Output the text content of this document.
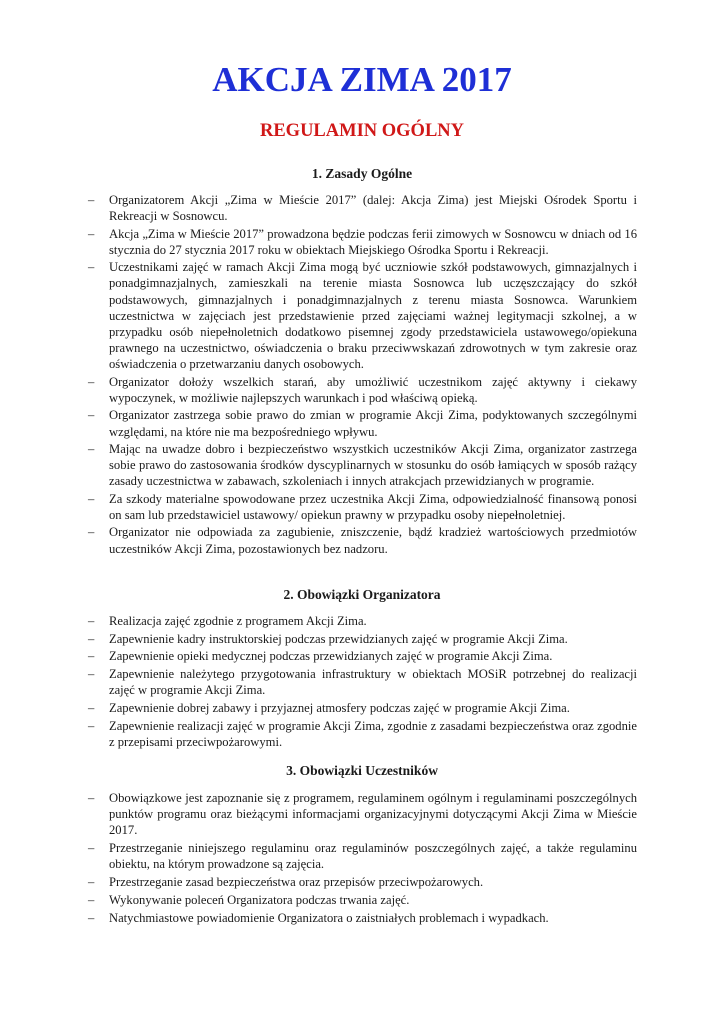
AKCJA ZIMA 2017
REGULAMIN OGÓLNY
1. Zasady Ogólne
– Organizatorem Akcji „Zima w Mieście 2017” (dalej: Akcja Zima) jest Miejski Ośrodek Sportu i Rekreacji w Sosnowcu.
– Akcja „Zima w Mieście 2017” prowadzona będzie podczas ferii zimowych w Sosnowcu w dniach od 16 stycznia do 27 stycznia 2017 roku w obiektach Miejskiego Ośrodka Sportu i Rekreacji.
– Uczestnikami zajęć w ramach Akcji Zima mogą być uczniowie szkół podstawowych, gimnazjalnych i ponadgimnazjalnych, zamieszkali na terenie miasta Sosnowca lub uczęszczający do szkół podstawowych, gimnazjalnych i ponadgimnazjalnych z terenu miasta Sosnowca. Warunkiem uczestnictwa w zajęciach jest przedstawienie przed zajęciami ważnej legitymacji szkolnej, a w przypadku osób niepełnoletnich dodatkowo pisemnej zgody przedstawiciela ustawowego/opiekuna prawnego na uczestnictwo, oświadczenia o braku przeciwwskazań zdrowotnych w tym zakresie oraz oświadczenia o przetwarzaniu danych osobowych.
– Organizator dołoży wszelkich starań, aby umożliwić uczestnikom zajęć aktywny i ciekawy wypoczynek, w możliwie najlepszych warunkach i pod właściwą opieką.
– Organizator zastrzega sobie prawo do zmian w programie Akcji Zima, podyktowanych szczególnymi względami, na które nie ma bezpośredniego wpływu.
– Mając na uwadze dobro i bezpieczeństwo wszystkich uczestników Akcji Zima, organizator zastrzega sobie prawo do zastosowania środków dyscyplinarnych w stosunku do osób łamiących w sposób rażący zasady uczestnictwa w zabawach, szkoleniach i innych atrakcjach przewidzianych w programie.
– Za szkody materialne spowodowane przez uczestnika Akcji Zima, odpowiedzialność finansową ponosi on sam lub przedstawiciel ustawowy/ opiekun prawny w przypadku osoby niepełnoletniej.
– Organizator nie odpowiada za zagubienie, zniszczenie, bądź kradzież wartościowych przedmiotów uczestników Akcji Zima, pozostawionych bez nadzoru.
2. Obowiązki Organizatora
– Realizacja zajęć zgodnie z programem Akcji Zima.
– Zapewnienie kadry instruktorskiej podczas przewidzianych zajęć w programie Akcji Zima.
– Zapewnienie opieki medycznej podczas przewidzianych zajęć w programie Akcji Zima.
– Zapewnienie należytego przygotowania infrastruktury w obiektach MOSiR potrzebnej do realizacji zajęć w programie Akcji Zima.
– Zapewnienie dobrej zabawy i przyjaznej atmosfery podczas zajęć w programie Akcji Zima.
– Zapewnienie realizacji zajęć w programie Akcji Zima, zgodnie z zasadami bezpieczeństwa oraz zgodnie z przepisami przeciwpożarowymi.
3. Obowiązki Uczestników
– Obowiązkowe jest zapoznanie się z programem, regulaminem ogólnym i regulaminami poszczególnych punktów programu oraz bieżącymi informacjami organizacyjnymi dotyczącymi Akcji Zima w Mieście 2017.
– Przestrzeganie niniejszego regulaminu oraz regulaminów poszczególnych zajęć, a także regulaminu obiektu, na którym prowadzone są zajęcia.
– Przestrzeganie zasad bezpieczeństwa oraz przepisów przeciwpożarowych.
– Wykonywanie poleceń Organizatora podczas trwania zajęć.
– Natychmiastowe powiadomienie Organizatora o zaistniałych problemach i wypadkach.
